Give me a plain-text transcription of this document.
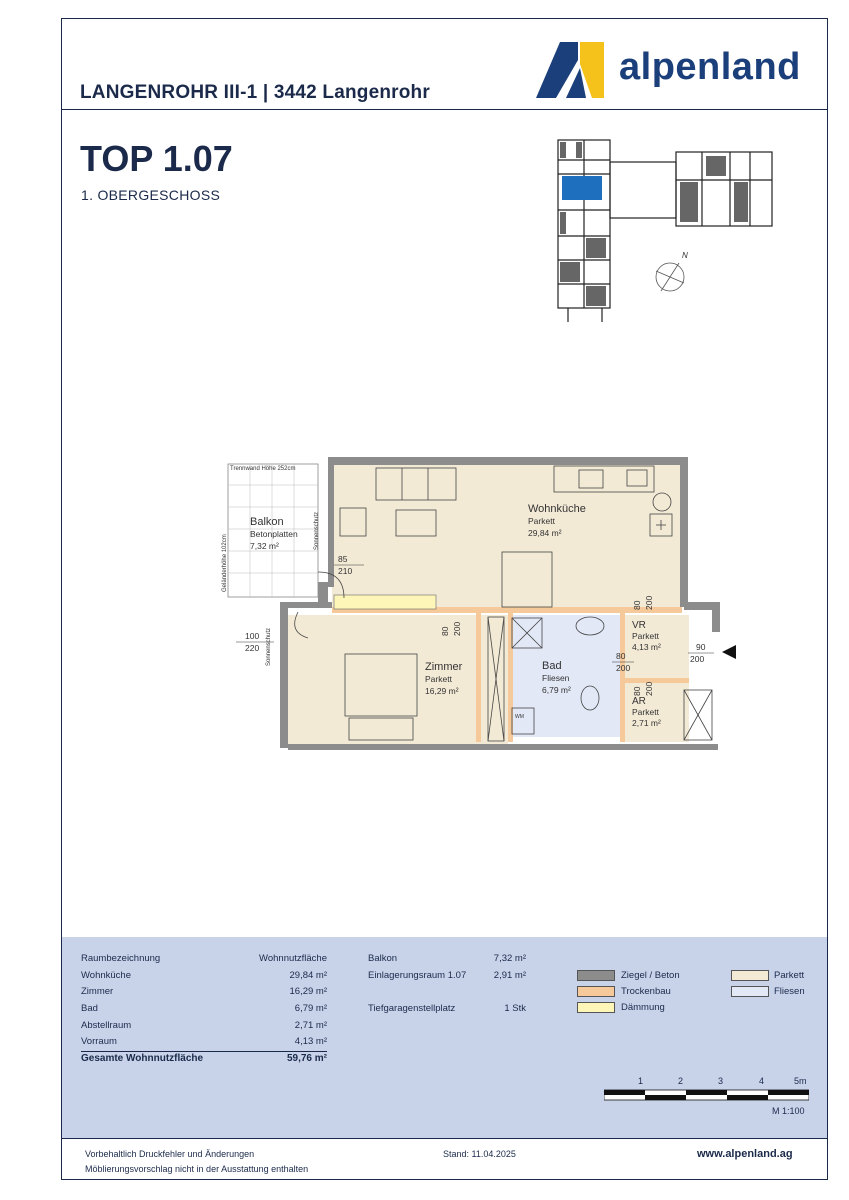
LANGENROHR III-1 | 3442 Langenrohr
alpenland
TOP 1.07
1. OBERGESCHOSS
N
Trennwand Höhe 252cm
Geländerhöhe 102cm
Sonnenschutz
Sonnenschutz
WM
Wohnküche
Parkett
29,84 m²
Balkon
Betonplatten
7,32 m²
Zimmer
Parkett
16,29 m²
Bad
Fliesen
6,79 m²
VR
Parkett
4,13 m²
AR
Parkett
2,71 m²
85
210
100
220
80 200
80 200
80
200
80 200
90
200
Raumbezeichnung	Wohnnutzfläche
Wohnküche	29,84 m²
Zimmer	16,29 m²
Bad	6,79 m²
Abstellraum	2,71 m²
Vorraum	4,13 m²
Gesamte Wohnnutzfläche	59,76 m²
Balkon	7,32 m²
Einlagerungsraum 1.07	2,91 m²
Tiefgaragenstellplatz	1 Stk
Ziegel / Beton
Trockenbau
Dämmung
Parkett
Fliesen
1	2	3	4	5m
M 1:100
Vorbehaltlich Druckfehler und Änderungen
Möblierungsvorschlag nicht in der Ausstattung enthalten
Stand: 11.04.2025	www.alpenland.ag
